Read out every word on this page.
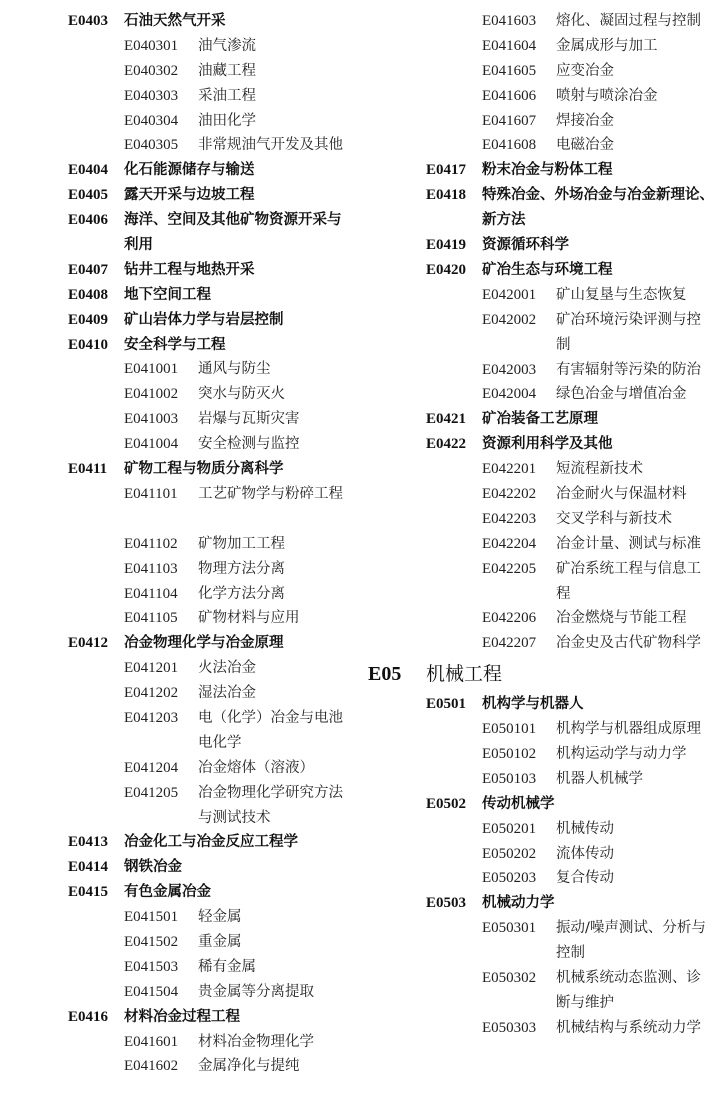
E0403 石油天然气开采
E040301 油气渗流
E040302 油藏工程
E040303 采油工程
E040304 油田化学
E040305 非常规油气开发及其他
E0404 化石能源储存与输送
E0405 露天开采与边坡工程
E0406 海洋、空间及其他矿物资源开采与利用
E0407 钻井工程与地热开采
E0408 地下空间工程
E0409 矿山岩体力学与岩层控制
E0410 安全科学与工程
E041001 通风与防尘
E041002 突水与防灭火
E041003 岩爆与瓦斯灾害
E041004 安全检测与监控
E0411 矿物工程与物质分离科学
E041101 工艺矿物学与粉碎工程
E041102 矿物加工工程
E041103 物理方法分离
E041104 化学方法分离
E041105 矿物材料与应用
E0412 冶金物理化学与冶金原理
E041201 火法冶金
E041202 湿法冶金
E041203 电（化学）冶金与电池电化学
E041204 冶金熔体（溶液）
E041205 冶金物理化学研究方法与测试技术
E0413 冶金化工与冶金反应工程学
E0414 钢铁冶金
E0415 有色金属冶金
E041501 轻金属
E041502 重金属
E041503 稀有金属
E041504 贵金属等分离提取
E0416 材料冶金过程工程
E041601 材料冶金物理化学
E041602 金属净化与提纯
E041603 熔化、凝固过程与控制
E041604 金属成形与加工
E041605 应变冶金
E041606 喷射与喷涂冶金
E041607 焊接冶金
E041608 电磁冶金
E0417 粉末冶金与粉体工程
E0418 特殊冶金、外场冶金与冶金新理论、新方法
E0419 资源循环科学
E0420 矿冶生态与环境工程
E042001 矿山复垦与生态恢复
E042002 矿冶环境污染评测与控制
E042003 有害辐射等污染的防治
E042004 绿色冶金与增值冶金
E0421 矿冶装备工艺原理
E0422 资源利用科学及其他
E042201 短流程新技术
E042202 冶金耐火与保温材料
E042203 交叉学科与新技术
E042204 冶金计量、测试与标准
E042205 矿冶系统工程与信息工程
E042206 冶金燃烧与节能工程
E042207 冶金史及古代矿物科学
E05 机械工程
E0501 机构学与机器人
E050101 机构学与机器组成原理
E050102 机构运动学与动力学
E050103 机器人机械学
E0502 传动机械学
E050201 机械传动
E050202 流体传动
E050203 复合传动
E0503 机械动力学
E050301 振动/噪声测试、分析与控制
E050302 机械系统动态监测、诊断与维护
E050303 机械结构与系统动力学
